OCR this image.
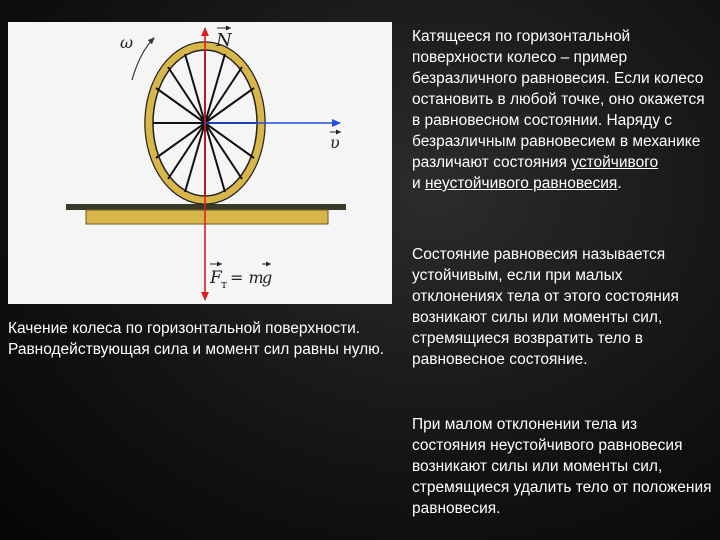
ω	N
υ
F т = m
g
Качение колеса по горизонтальной поверхности. Равнодействующая сила и момент сил равны нулю.

Катящееся по горизонтальной поверхности колесо – пример безразличного равновесия. Если колесо остановить в любой точке, оно окажется в равновесном состоянии. Наряду с безразличным равновесием в механике различают состояния устойчивого
и неустойчивого равновесия.

Состояние равновесия называется устойчивым, если при малых отклонениях тела от этого состояния возникают силы или моменты сил, стремящиеся возвратить тело в равновесное состояние.

При малом отклонении тела из состояния неустойчивого равновесия возникают силы или моменты сил, стремящиеся удалить тело от положения равновесия.
